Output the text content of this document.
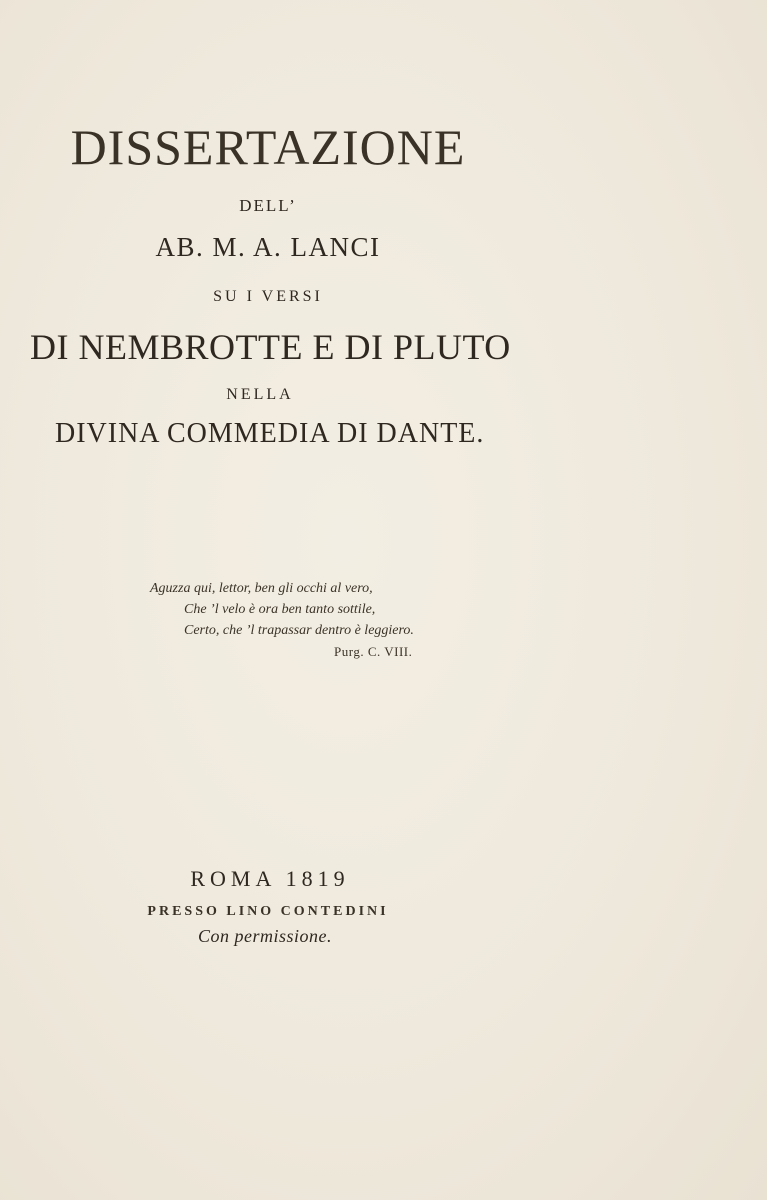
DISSERTAZIONE
DELL’
AB. M. A. LANCI
SU I VERSI
DI NEMBROTTE E DI PLUTO
NELLA
DIVINA COMMEDIA DI DANTE.
Aguzza qui, lettor, ben gli occhi al vero,
Che ’l velo è ora ben tanto sottile,
Certo, che ’l trapassar dentro è leggiero.
Purg. C. VIII.
ROMA 1819
PRESSO LINO CONTEDINI
Con permissione.
